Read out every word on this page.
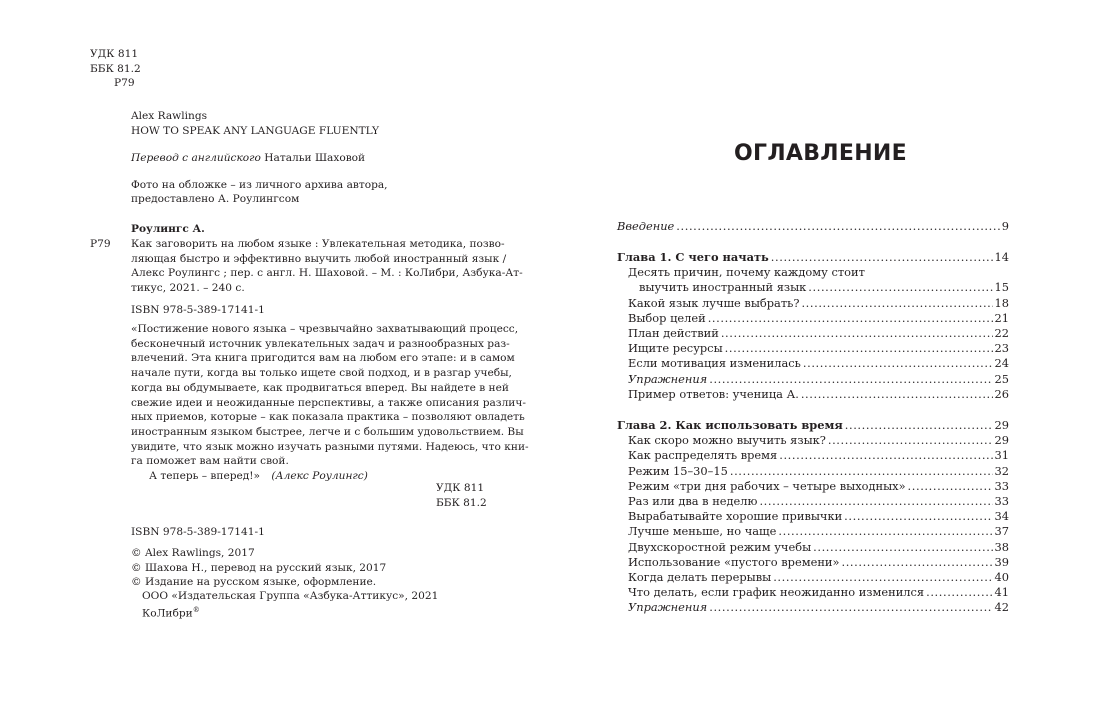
УДК 811
ББК 81.2
Р79
Alex Rawlings
HOW TO SPEAK ANY LANGUAGE FLUENTLY
Перевод с английского Натальи Шаховой
Фото на обложке – из личного архива автора,
предоставлено А. Роулингсом
Роулингс А.
Р79 Как заговорить на любом языке : Увлекательная методика, позво-
ляющая быстро и эффективно выучить любой иностранный язык /
Алекс Роулингс ; пер. с англ. Н. Шаховой. – М. : КоЛибри, Азбука-Ат-
тикус, 2021. – 240 с.
ISBN 978-5-389-17141-1
«Постижение нового языка – чрезвычайно захватывающий процесс,
бесконечный источник увлекательных задач и разнообразных раз-
влечений. Эта книга пригодится вам на любом его этапе: и в самом
начале пути, когда вы только ищете свой подход, и в разгар учебы,
когда вы обдумываете, как продвигаться вперед. Вы найдете в ней
свежие идеи и неожиданные перспективы, а также описания различ-
ных приемов, которые – как показала практика – позволяют овладеть
иностранным языком быстрее, легче и с большим удовольствием. Вы
увидите, что язык можно изучать разными путями. Надеюсь, что кни-
га поможет вам найти свой.
А теперь – вперед!» (Алекс Роулингс)
УДК 811
ББК 81.2
ISBN 978-5-389-17141-1
© Alex Rawlings, 2017
© Шахова Н., перевод на русский язык, 2017
© Издание на русском языке, оформление.
ООО «Издательская Группа «Азбука-Аттикус», 2021
КоЛибри®
ОГЛАВЛЕНИЕ
Введение .....	9
Глава 1. С чего начать .....	14
Десять причин, почему каждому стоит
выучить иностранный язык .....	15
Какой язык лучше выбрать? .....	18
Выбор целей .....	21
План действий .....	22
Ищите ресурсы .....	23
Если мотивация изменилась .....	24
Упражнения .....	25
Пример ответов: ученица А. .....	26
Глава 2. Как использовать время .....	29
Как скоро можно выучить язык? .....	29
Как распределять время .....	31
Режим 15–30–15 .....	32
Режим «три дня рабочих – четыре выходных» .....	33
Раз или два в неделю .....	33
Вырабатывайте хорошие привычки .....	34
Лучше меньше, но чаще .....	37
Двухскоростной режим учебы .....	38
Использование «пустого времени» .....	39
Когда делать перерывы .....	40
Что делать, если график неожиданно изменился .....	41
Упражнения .....	42
